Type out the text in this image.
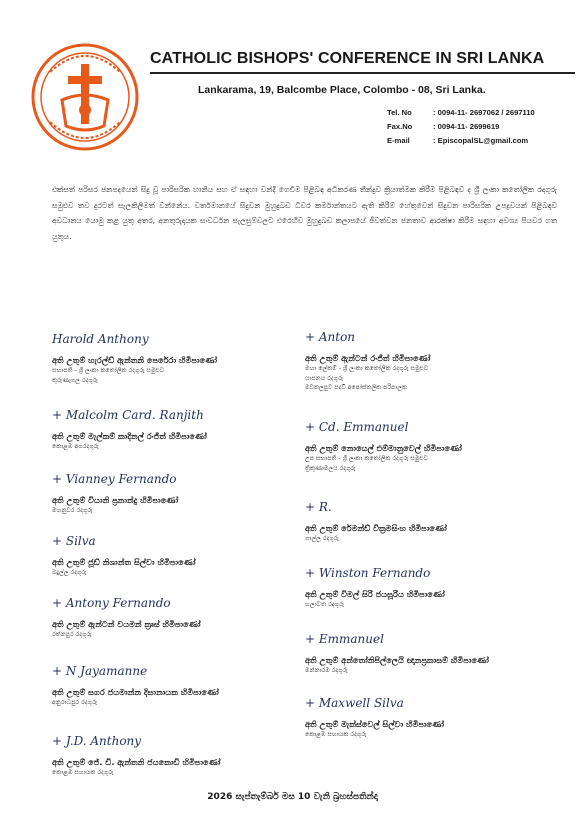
CATHOLIC BISHOPS' CONFERENCE IN SRI LANKA
Lankarama, 19, Balcombe Place, Colombo - 08, Sri Lanka.
Tel. No	: 0094-11- 2697062 / 2697110
Fax.No	: 0094-11- 2699619
E-mail	: EpiscopalSL@gmail.com
එක්සත් පරිසර ජනපදයෙන් සිදු වූ පාරිසරික හානිය සහ ඒ සඳහා වන්දි ගෙවීම පිළිබඳ අධිකරණ තීන්දුව ක්‍රියාත්මක කිරීම පිළිබඳව ද ශ්‍රී ලංකා කතෝලික රදගුරු සමුළුව තව දුරටත් සැලකිලිමත් වන්නේය. වර්තමානයේ සිදුවන මුහුදුබඩ ධීවර කර්මාන්තයට ඇති කිරීම් හේතුවෙන් සිදුවන පාරිසරික උපද්‍රවයන් පිළිබඳව අවධානය යොමු කළ යුතු අතර, අනතුරුදායක සංවර්ධන සැලසුම්වලට එරෙහිව මුහුදුබඩ කලාපයේ ජීවත්වන ජනතාව ආරක්ෂා කිරීම සඳහා අවශ්‍ය පියවර ගත යුතුය.
Harold Anthony
අති උතුම් හැරල්ඩ් ඇන්තනි පෙරේරා හිමිපාණෝ
සභාපති - ශ්‍රී ලංකා කතෝලික රදගුරු සමුළුව
කුරුණෑගල රදගුරු
+ Malcolm Card. Ranjith
අති උතුම් මැල්කම් කාදිනල් රංජිත් හිමිපාණෝ
කොළඹ අගරදගුරු
+ Vianney Fernando
අති උතුම් වියානි ප්‍රනාන්දු හිමිපාණෝ
මහනුවර රදගුරු
+ Silva
අති උතුම් ජූඩ් නිශාන්ත සිල්වා හිමිපාණෝ
බදුල්ල රදගුරු
+ Antony Fernando
අති උතුම් ඇන්ටන් වයමන් ක්‍රෘස් හිමිපාණෝ
රත්නපුර රදගුරු
+ N Jayamanne
අති උතුම් සගර ජයමාන්න දිසානායක හිමිපාණෝ
අනුරාධපුර රදගුරු
+ J.D. Anthony
අති උතුම් ජේ. ඩී. ඇන්තනි ජයකොඩි හිමිපාණෝ
කොළඹ සහායක රදගුරු
+ Anton
අති උතුම් ඇන්ටන් රංජිත් හිමිපාණෝ
මහා ලේකම් - ශ්‍රී ලංකා කතෝලික රදගුරු සමුළුව
යාපනය රදගුරු
මඩකලපුව පදවි අපෝස්තලික පරිපාලක
+ Cd. Emmanuel
අති උතුම් නොයෙල් එම්මානුවෙල් හිමිපාණෝ
උප සභාපති - ශ්‍රී ලංකා කතෝලික රදගුරු සමුළුව
ත්‍රිකුණාමලය රදගුරු
+ R.
අති උතුම් රේමන්ඩ් වික්‍රමසිංහ හිමිපාණෝ
ගාල්ල රදගුරු
+ Winston Fernando
අති උතුම් විමල් සිරි ජයසූරිය හිමිපාණෝ
හලාවත රදගුරු
+ Emmanuel
අති උතුම් අන්තෝනිපිල්ලෙයි ඥානප්‍රකාසම් හිමිපාණෝ
මන්නාරම රදගුරු
+ Maxwell Silva
අති උතුම් මැක්ස්වෙල් සිල්වා හිමිපාණෝ
කොළඹ සහායක රදගුරු
2026 සැප්තැම්බර් මස 10 වැනි බ්‍රහස්පතින්දා
